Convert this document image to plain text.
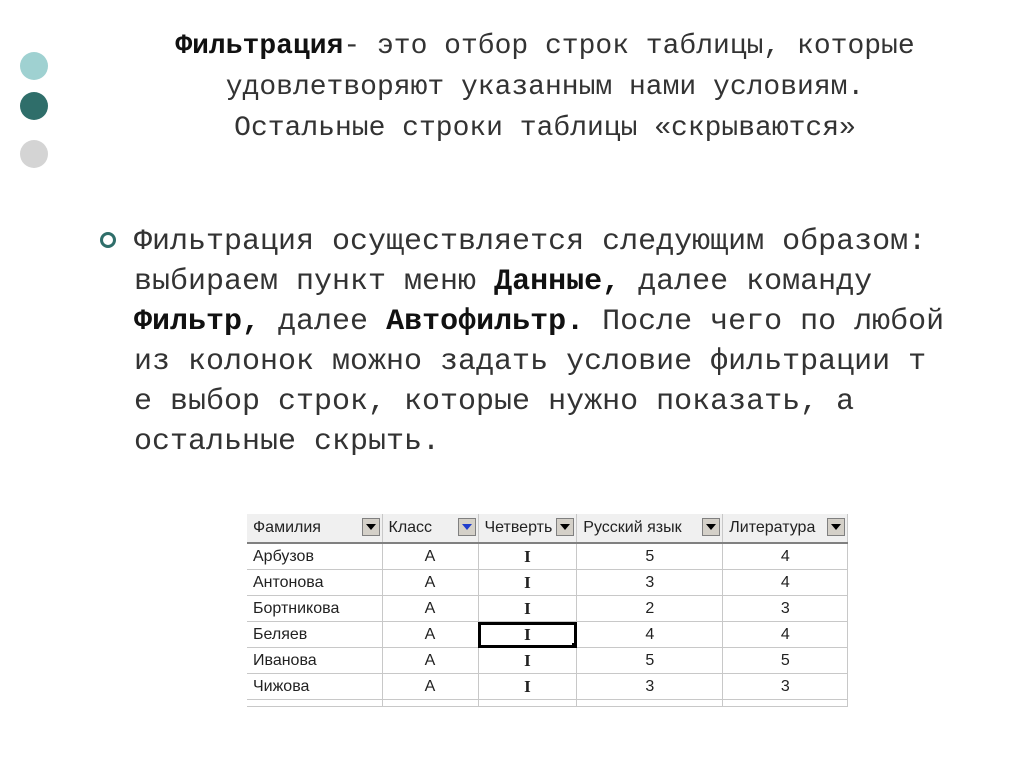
Фильтрация- это отбор строк таблицы, которые удовлетворяют указанным нами условиям. Остальные строки таблицы «скрываются»
Фильтрация осуществляется следующим образом: выбираем пункт меню Данные, далее команду Фильтр, далее Автофильтр. После чего по любой из колонок можно задать условие фильтрации т е выбор строк, которые нужно показать, а остальные скрыть.
Фамилия	Класс	Четверть	Русский язык	Литература

Арбузов	А	I	5	4
Антонова	А	I	3	4
Бортникова	А	I	2	3
Беляев	А	I	4	4
Иванова	А	I	5	5
Чижова	А	I	3	3
